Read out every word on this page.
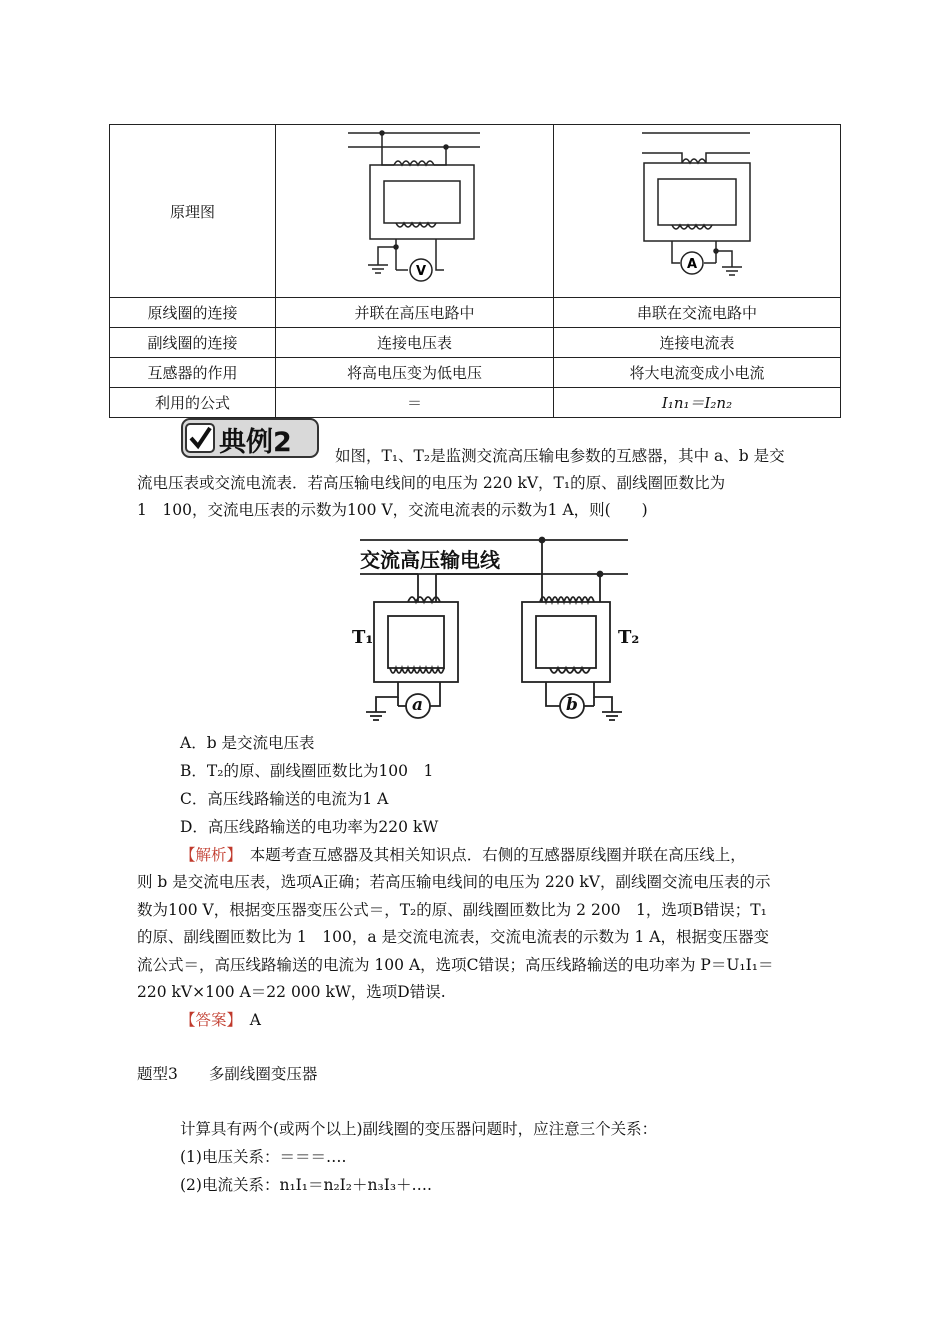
原理图	V	A

原线圈的连接	并联在高压电路中	串联在交流电路中
副线圈的连接	连接电压表	连接电流表
互感器的作用	将高电压变为低电压	将大电流变成小电流
利用的公式	＝	I₁n₁＝I₂n₂
典例2	如图，T₁、T₂是监测交流高压输电参数的互感器，其中 a、b 是交
流电压表或交流电流表．若高压输电线间的电压为 220 kV，T₁的原、副线圈匝数比为
1　100，交流电压表的示数为100 V，交流电流表的示数为1 A，则(　　)
交流高压输电线
T₁	T₂
a	b
A．b 是交流电压表
B．T₂的原、副线圈匝数比为100　1
C．高压线路输送的电流为1 A
D．高压线路输送的电功率为220 kW
【解析】　本题考查互感器及其相关知识点．右侧的互感器原线圈并联在高压线上，
则 b 是交流电压表，选项A正确；若高压输电线间的电压为 220 kV，副线圈交流电压表的示
数为100 V，根据变压器变压公式＝，T₂的原、副线圈匝数比为 2 200　1，选项B错误；T₁
的原、副线圈匝数比为 1　100，a 是交流电流表，交流电流表的示数为 1 A，根据变压器变
流公式＝，高压线路输送的电流为 100 A，选项C错误；高压线路输送的电功率为 P＝U₁I₁＝
220 kV×100 A＝22 000 kW，选项D错误.
【答案】　A
题型3　　多副线圈变压器
计算具有两个(或两个以上)副线圈的变压器问题时，应注意三个关系：
(1)电压关系：＝＝＝….
(2)电流关系：n₁I₁＝n₂I₂＋n₃I₃＋….
